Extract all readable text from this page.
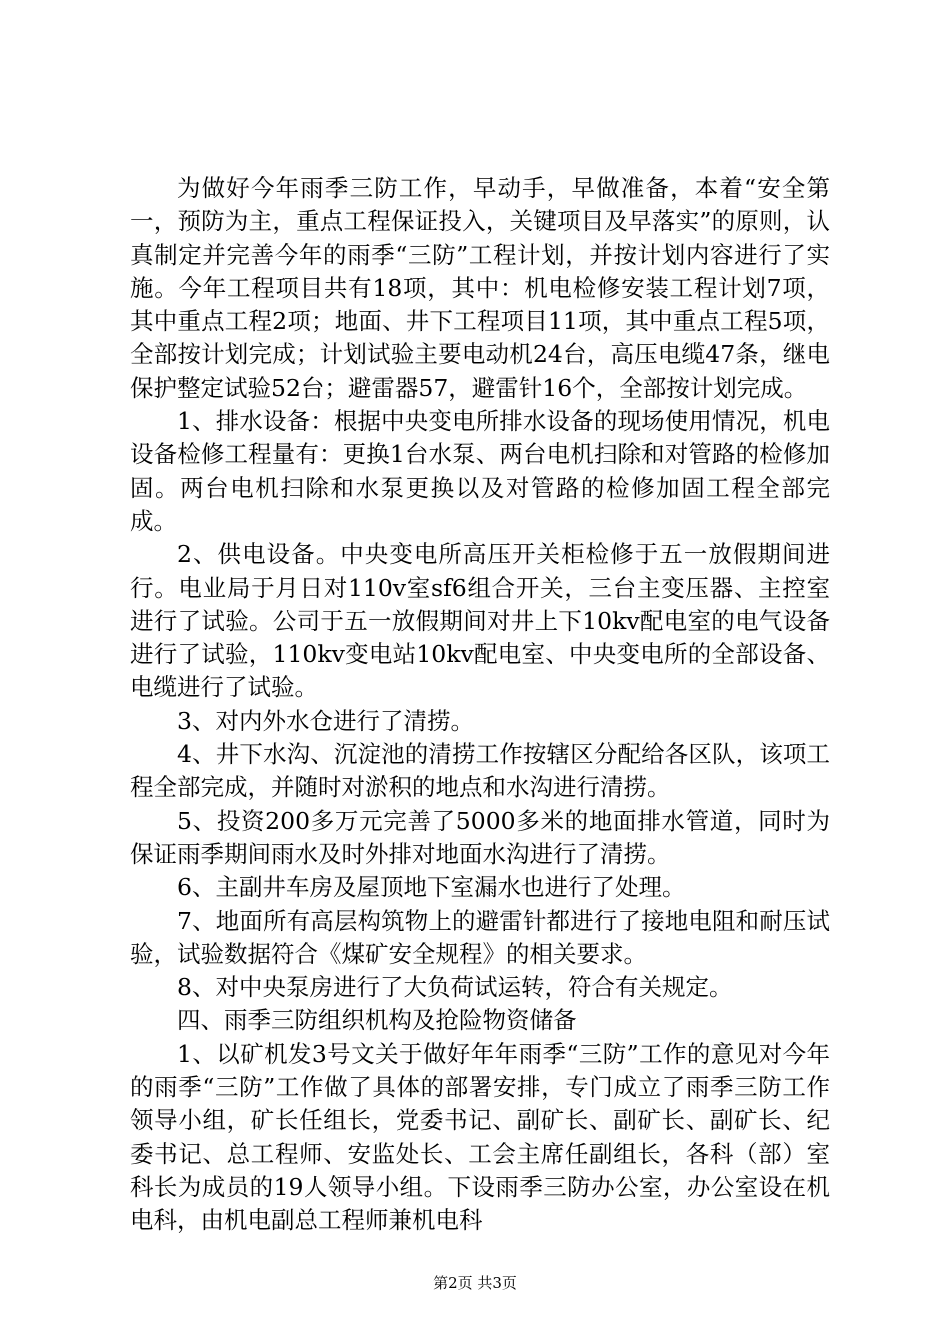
为做好今年雨季三防工作，早动手，早做准备，本着“安全第一，预防为主，重点工程保证投入，关键项目及早落实”的原则，认真制定并完善今年的雨季“三防”工程计划，并按计划内容进行了实施。今年工程项目共有18项，其中：机电检修安装工程计划7项，其中重点工程2项；地面、井下工程项目11项，其中重点工程5项，全部按计划完成；计划试验主要电动机24台，高压电缆47条，继电保护整定试验52台；避雷器57，避雷针16个，全部按计划完成。

1、排水设备：根据中央变电所排水设备的现场使用情况，机电设备检修工程量有：更换1台水泵、两台电机扫除和对管路的检修加固。两台电机扫除和水泵更换以及对管路的检修加固工程全部完成。

2、供电设备。中央变电所高压开关柜检修于五一放假期间进行。电业局于月日对110v室sf6组合开关，三台主变压器、主控室进行了试验。公司于五一放假期间对井上下10kv配电室的电气设备进行了试验，110kv变电站10kv配电室、中央变电所的全部设备、电缆进行了试验。

3、对内外水仓进行了清捞。

4、井下水沟、沉淀池的清捞工作按辖区分配给各区队，该项工程全部完成，并随时对淤积的地点和水沟进行清捞。

5、投资200多万元完善了5000多米的地面排水管道，同时为保证雨季期间雨水及时外排对地面水沟进行了清捞。

6、主副井车房及屋顶地下室漏水也进行了处理。

7、地面所有高层构筑物上的避雷针都进行了接地电阻和耐压试验，试验数据符合《煤矿安全规程》的相关要求。

8、对中央泵房进行了大负荷试运转，符合有关规定。

四、雨季三防组织机构及抢险物资储备

1、以矿机发3号文关于做好年年雨季“三防”工作的意见对今年的雨季“三防”工作做了具体的部署安排，专门成立了雨季三防工作领导小组，矿长任组长，党委书记、副矿长、副矿长、副矿长、纪委书记、总工程师、安监处长、工会主席任副组长，各科（部）室科长为成员的19人领导小组。下设雨季三防办公室，办公室设在机电科，由机电副总工程师兼机电科

第2页 共3页
